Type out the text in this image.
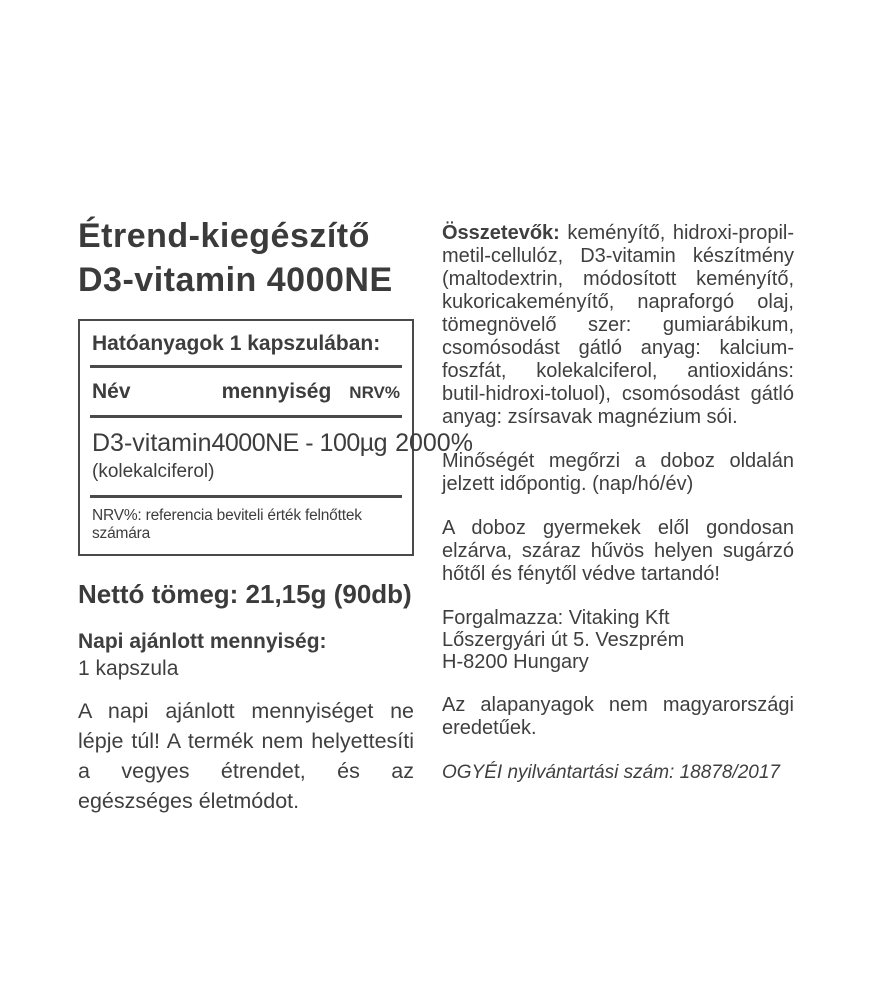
Étrend-kiegészítő
D3-vitamin 4000NE
Hatóanyagok 1 kapszulában:
Név	mennyiség NRV%
D3-vitamin 4000NE - 100µg 2000%
(kolekalciferol)
NRV%: referencia beviteli érték felnőttek számára
Nettó tömeg: 21,15g (90db)
Napi ajánlott mennyiség:
1 kapszula
A napi ajánlott mennyiséget ne lépje túl! A termék nem helyettesíti a vegyes étrendet, és az egészséges életmódot.
Összetevők: keményítő, hidroxi-propil-metil-cellulóz, D3-vitamin készítmény (maltodextrin, módosított keményítő, kukoricakeményítő, napraforgó olaj, tömegnövelő szer: gumiarábikum, csomósodást gátló anyag: kalcium-foszfát, kolekalciferol, antioxidáns: butil-hidroxi-toluol), csomósodást gátló anyag: zsírsavak magnézium sói.
Minőségét megőrzi a doboz oldalán jelzett időpontig. (nap/hó/év)
A doboz gyermekek elől gondosan elzárva, száraz hűvös helyen sugárzó hőtől és fénytől védve tartandó!
Forgalmazza: Vitaking Kft
Lőszergyári út 5. Veszprém
H-8200 Hungary
Az alapanyagok nem magyarországi eredetűek.
OGYÉI nyilvántartási szám: 18878/2017
